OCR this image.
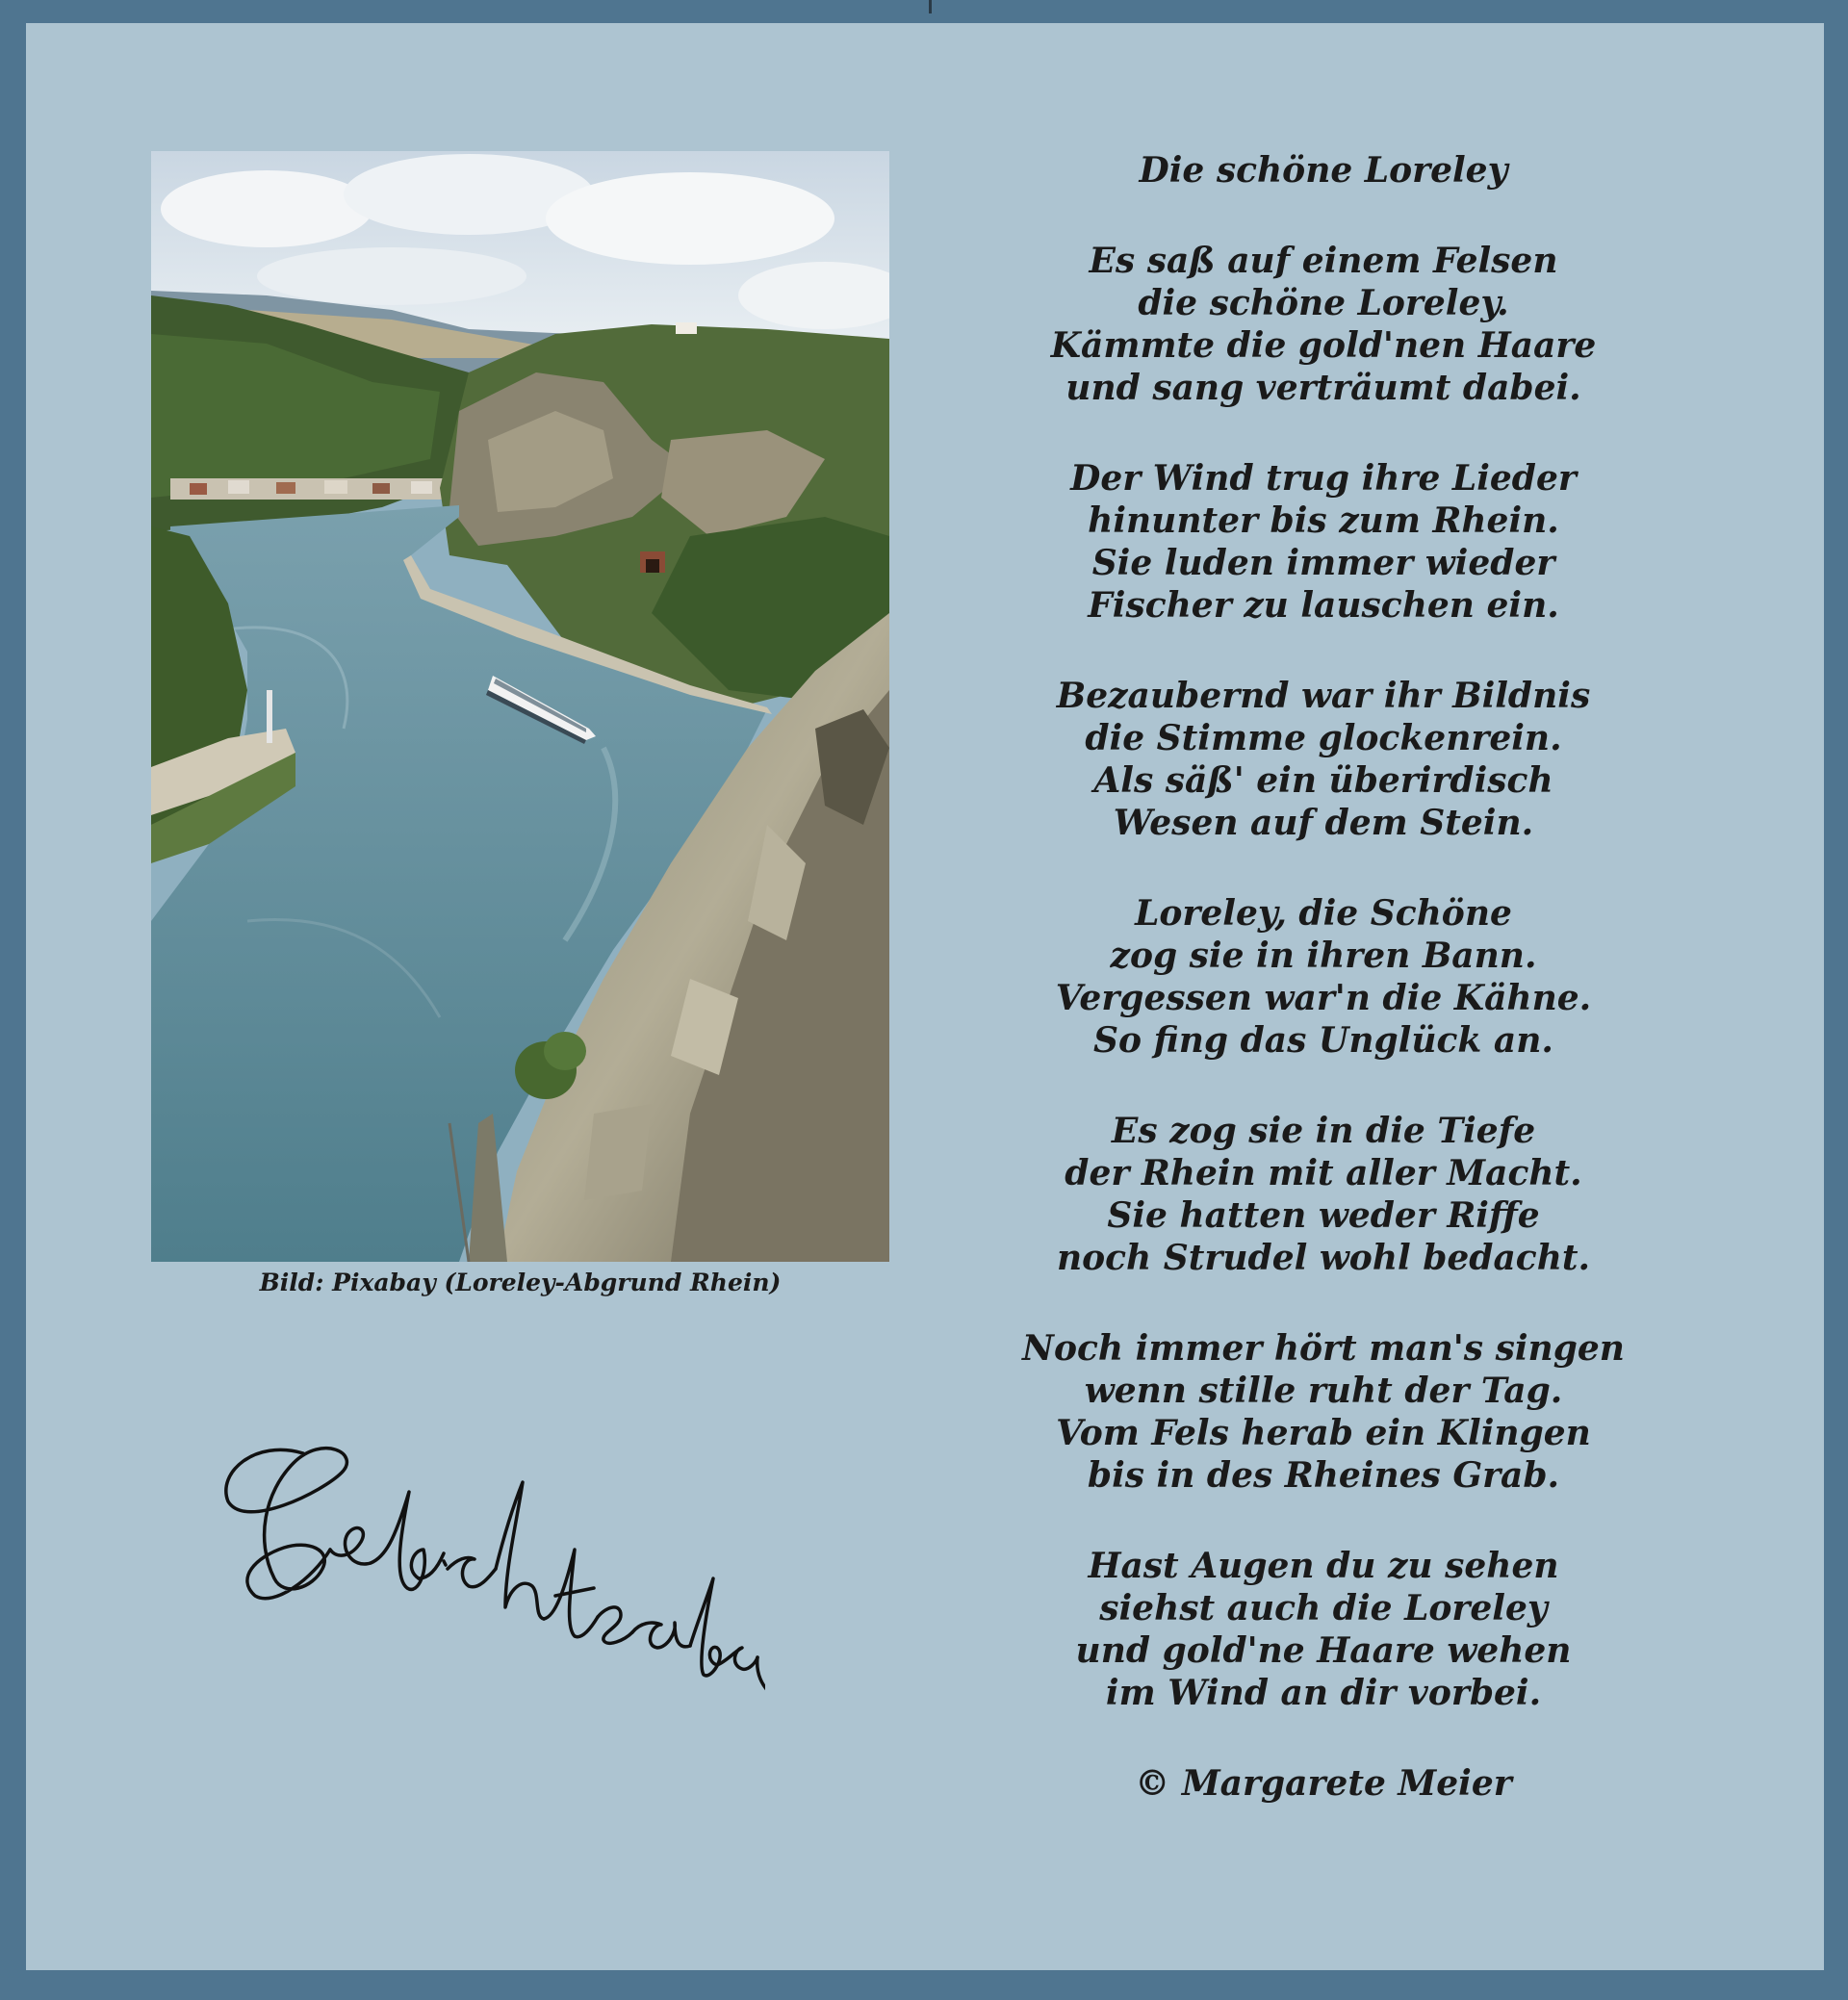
Bild: Pixabay (Loreley-Abgrund Rhein)
Die schöne Loreley
Es saß auf einem Felsen
die schöne Loreley.
Kämmte die gold'nen Haare
und sang verträumt dabei.
Der Wind trug ihre Lieder
hinunter bis zum Rhein.
Sie luden immer wieder
Fischer zu lauschen ein.
Bezaubernd war ihr Bildnis
die Stimme glockenrein.
Als säß' ein überirdisch
Wesen auf dem Stein.
Loreley, die Schöne
zog sie in ihren Bann.
Vergessen war'n die Kähne.
So fing das Unglück an.
Es zog sie in die Tiefe
der Rhein mit aller Macht.
Sie hatten weder Riffe
noch Strudel wohl bedacht.
Noch immer hört man's singen
wenn stille ruht der Tag.
Vom Fels herab ein Klingen
bis in des Rheines Grab.
Hast Augen du zu sehen
siehst auch die Loreley
und gold'ne Haare wehen
im Wind an dir vorbei.
© Margarete Meier
